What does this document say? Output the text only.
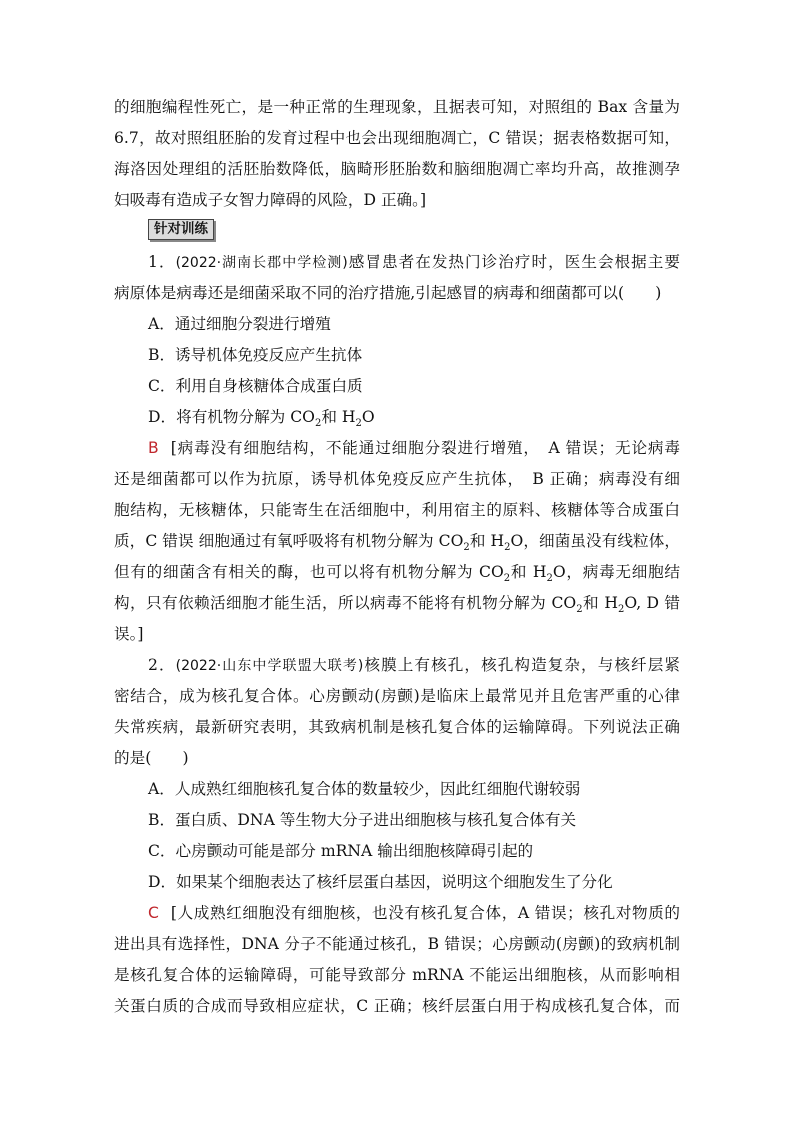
的细胞编程性死亡，是一种正常的生理现象，且据表可知，对照组的 Bax 含量为
6.7，故对照组胚胎的发育过程中也会出现细胞凋亡，C 错误；据表格数据可知，
海洛因处理组的活胚胎数降低，脑畸形胚胎数和脑细胞凋亡率均升高，故推测孕
妇吸毒有造成子女智力障碍的风险，D 正确。]
针对训练
1．(2022·湖南长郡中学检测)感冒患者在发热门诊治疗时，医生会根据主要
病原体是病毒还是细菌采取不同的治疗措施,引起感冒的病毒和细菌都可以(　　)
A．通过细胞分裂进行增殖
B．诱导机体免疫反应产生抗体
C．利用自身核糖体合成蛋白质
D．将有机物分解为 $CO_2$和 $H_2O$
B [病毒没有细胞结构，不能通过细胞分裂进行增殖，　A 错误；无论病毒
还是细菌都可以作为抗原，诱导机体免疫反应产生抗体，　B 正确；病毒没有细
胞结构，无核糖体，只能寄生在活细胞中，利用宿主的原料、核糖体等合成蛋白
质，C 错误 细胞通过有氧呼吸将有机物分解为 $CO_2$和 $H_2O$，细菌虽没有线粒体，
但有的细菌含有相关的酶，也可以将有机物分解为 $CO_2$和 $H_2O$，病毒无细胞结
构，只有依赖活细胞才能生活，所以病毒不能将有机物分解为 $CO_2$和 $H_2O$, D 错
误。]
2．(2022·山东中学联盟大联考)核膜上有核孔，核孔构造复杂，与核纤层紧
密结合，成为核孔复合体。心房颤动(房颤)是临床上最常见并且危害严重的心律
失常疾病，最新研究表明，其致病机制是核孔复合体的运输障碍。下列说法正确
的是(　　)
A．人成熟红细胞核孔复合体的数量较少，因此红细胞代谢较弱
B．蛋白质、DNA 等生物大分子进出细胞核与核孔复合体有关
C．心房颤动可能是部分 mRNA 输出细胞核障碍引起的
D．如果某个细胞表达了核纤层蛋白基因，说明这个细胞发生了分化
C [人成熟红细胞没有细胞核，也没有核孔复合体，A 错误；核孔对物质的
进出具有选择性，DNA 分子不能通过核孔，B 错误；心房颤动(房颤)的致病机制
是核孔复合体的运输障碍，可能导致部分 mRNA 不能运出细胞核，从而影响相
关蛋白质的合成而导致相应症状，C 正确；核纤层蛋白用于构成核孔复合体，而
